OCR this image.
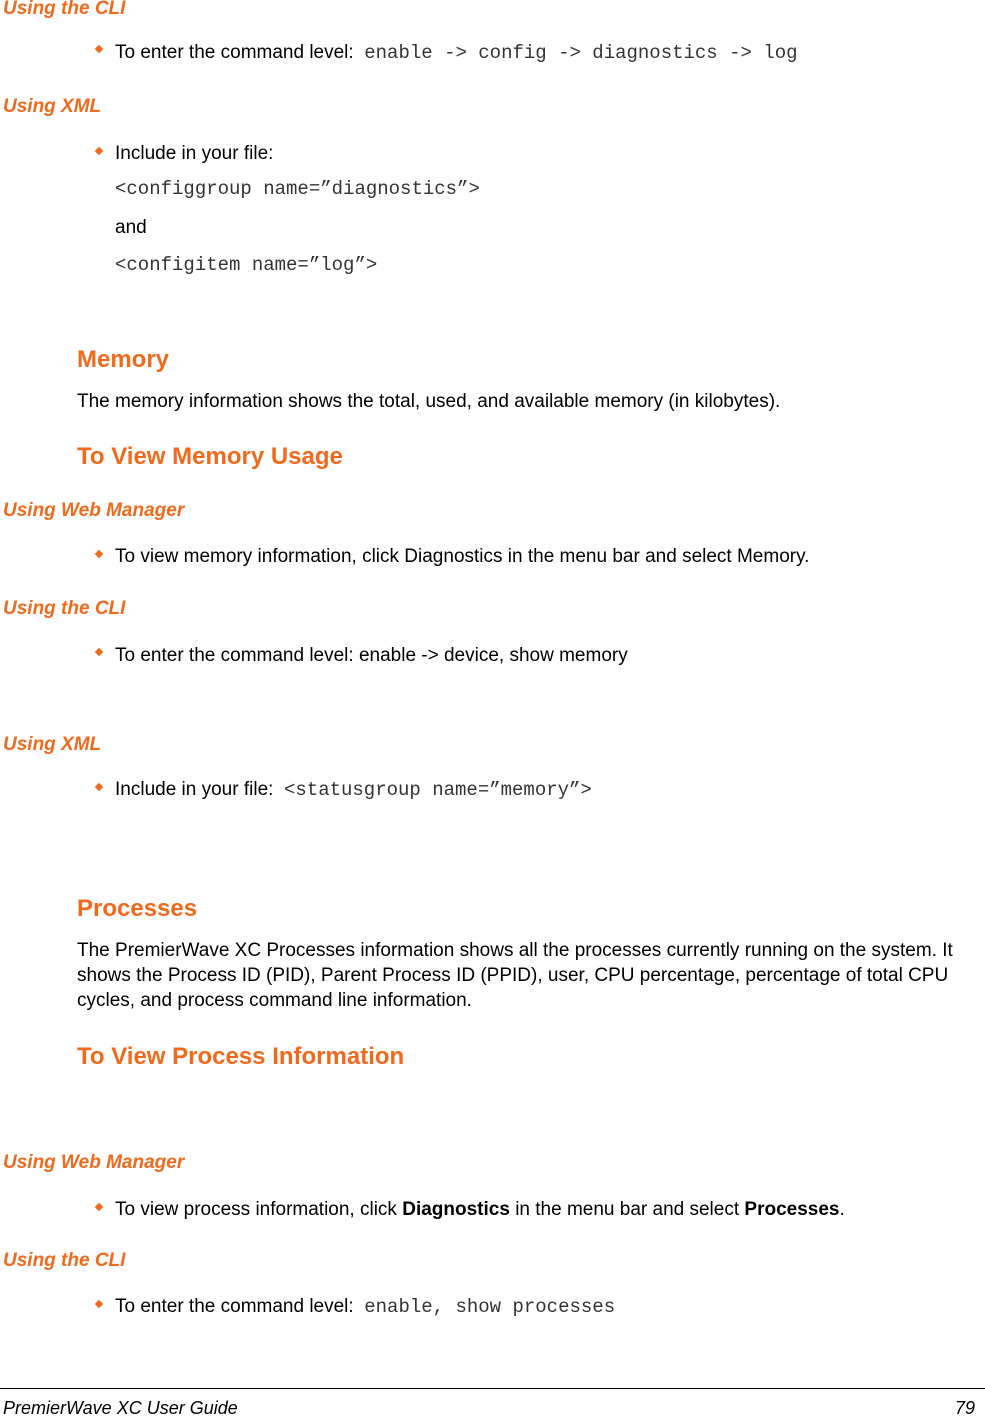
Using the CLI
To enter the command level: enable -> config -> diagnostics -> log
Using XML
Include in your file:
<configgroup name=”diagnostics”>
and
<configitem name=”log”>
Memory
The memory information shows the total, used, and available memory (in kilobytes).
To View Memory Usage
Using Web Manager
To view memory information, click Diagnostics in the menu bar and select Memory.
Using the CLI
To enter the command level: enable -> device, show memory
Using XML
Include in your file: <statusgroup name=”memory”>
Processes
The PremierWave XC Processes information shows all the processes currently running on the system. It shows the Process ID (PID), Parent Process ID (PPID), user, CPU percentage, percentage of total CPU cycles, and process command line information.
To View Process Information
Using Web Manager
To view process information, click Diagnostics in the menu bar and select Processes.
Using the CLI
To enter the command level: enable, show processes
PremierWave XC User Guide	79
